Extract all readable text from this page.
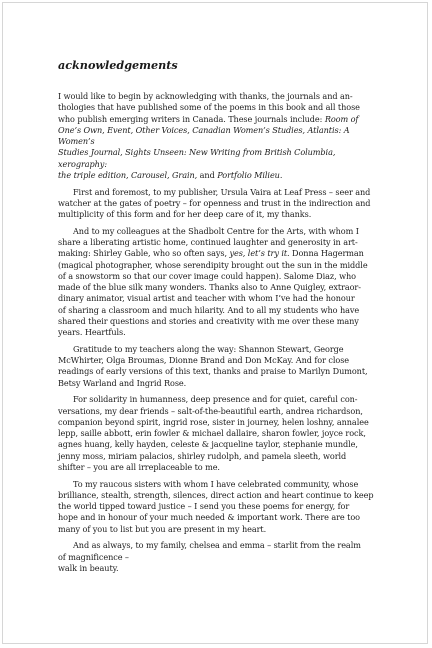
acknowledgements

I would like to begin by acknowledging with thanks, the journals and an-
thologies that have published some of the poems in this book and all those
who publish emerging writers in Canada. These journals include: Room of
One’s Own, Event, Other Voices, Canadian Women’s Studies, Atlantis: A Women’s
Studies Journal, Sights Unseen: New Writing from British Columbia, xerography:
the triple edition, Carousel, Grain, and Portfolio Milieu.

First and foremost, to my publisher, Ursula Vaira at Leaf Press – seer and
watcher at the gates of poetry – for openness and trust in the indirection and
multiplicity of this form and for her deep care of it, my thanks.

And to my colleagues at the Shadbolt Centre for the Arts, with whom I
share a liberating artistic home, continued laughter and generosity in art-
making: Shirley Gable, who so often says, yes, let’s try it. Donna Hagerman
(magical photographer, whose serendipity brought out the sun in the middle
of a snowstorm so that our cover image could happen). Salome Diaz, who
made of the blue silk many wonders. Thanks also to Anne Quigley, extraor-
dinary animator, visual artist and teacher with whom I’ve had the honour
of sharing a classroom and much hilarity. And to all my students who have
shared their questions and stories and creativity with me over these many
years. Heartfuls.

Gratitude to my teachers along the way: Shannon Stewart, George
McWhirter, Olga Broumas, Dionne Brand and Don McKay. And for close
readings of early versions of this text, thanks and praise to Marilyn Dumont,
Betsy Warland and Ingrid Rose.

For solidarity in humanness, deep presence and for quiet, careful con-
versations, my dear friends – salt-of-the-beautiful earth, andrea richardson,
companion beyond spirit, ingrid rose, sister in journey, helen loshny, annalee
lepp, saille abbott, erin fowler & michael dallaire, sharon fowler, joyce rock,
agnes huang, kelly hayden, celeste & jacqueline taylor, stephanie mundle,
jenny moss, miriam palacios, shirley rudolph, and pamela sleeth, world
shifter – you are all irreplaceable to me.

To my raucous sisters with whom I have celebrated community, whose
brilliance, stealth, strength, silences, direct action and heart continue to keep
the world tipped toward justice – I send you these poems for energy, for
hope and in honour of your much needed & important work. There are too
many of you to list but you are present in my heart.

And as always, to my family, chelsea and emma – starlit from the realm
of magnificence –
walk in beauty.
